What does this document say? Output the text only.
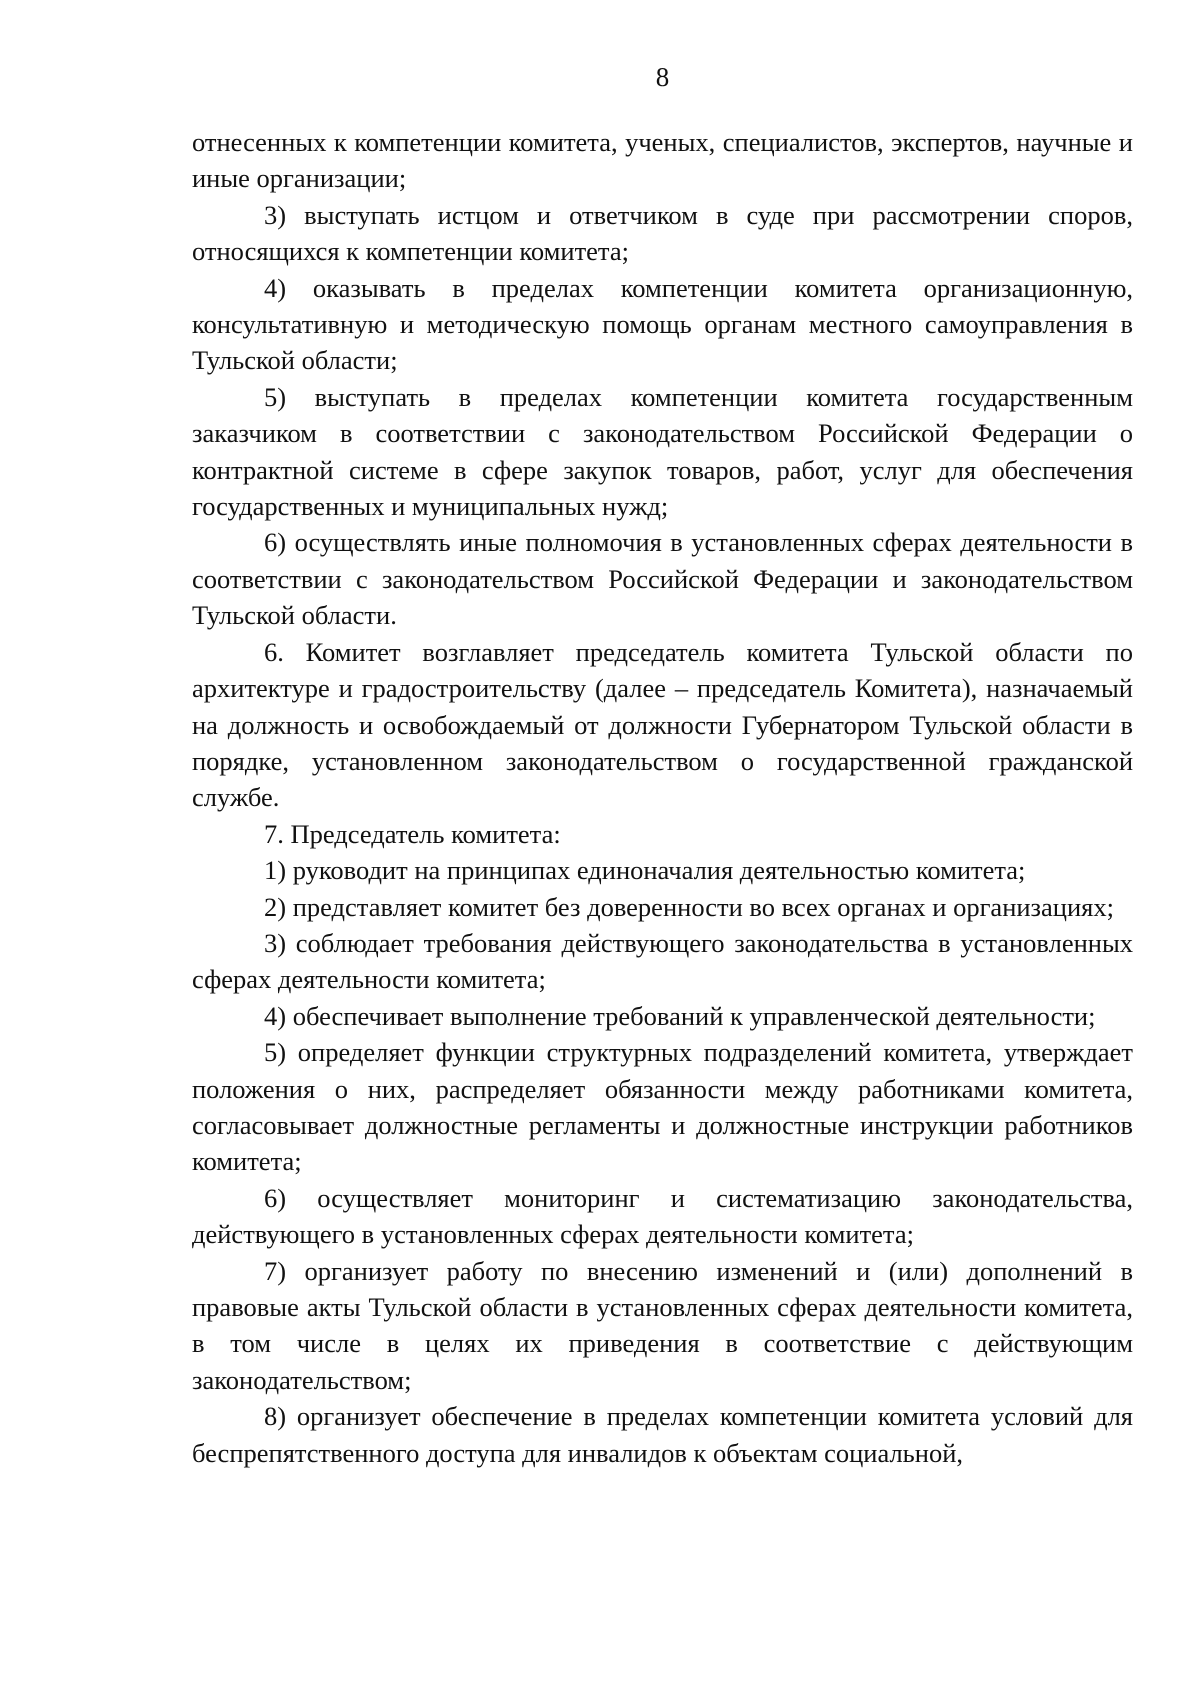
8

отнесенных к компетенции комитета, ученых, специалистов, экспертов, научные и иные организации;

3) выступать истцом и ответчиком в суде при рассмотрении споров, относящихся к компетенции комитета;

4) оказывать в пределах компетенции комитета организационную, консультативную и методическую помощь органам местного самоуправления в Тульской области;

5) выступать в пределах компетенции комитета государственным заказчиком в соответствии с законодательством Российской Федерации о контрактной системе в сфере закупок товаров, работ, услуг для обеспечения государственных и муниципальных нужд;

6) осуществлять иные полномочия в установленных сферах деятельности в соответствии с законодательством Российской Федерации и законодательством Тульской области.

6. Комитет возглавляет председатель комитета Тульской области по архитектуре и градостроительству (далее – председатель Комитета), назначаемый на должность и освобождаемый от должности Губернатором Тульской области в порядке, установленном законодательством о государственной гражданской службе.

7. Председатель комитета:

1) руководит на принципах единоначалия деятельностью комитета;

2) представляет комитет без доверенности во всех органах и организациях;

3) соблюдает требования действующего законодательства в установленных сферах деятельности комитета;

4) обеспечивает выполнение требований к управленческой деятельности;

5) определяет функции структурных подразделений комитета, утверждает положения о них, распределяет обязанности между работниками комитета, согласовывает должностные регламенты и должностные инструкции работников комитета;

6) осуществляет мониторинг и систематизацию законодательства, действующего в установленных сферах деятельности комитета;

7) организует работу по внесению изменений и (или) дополнений в правовые акты Тульской области в установленных сферах деятельности комитета, в том числе в целях их приведения в соответствие с действующим законодательством;

8) организует обеспечение в пределах компетенции комитета условий для беспрепятственного доступа для инвалидов к объектам социальной,
